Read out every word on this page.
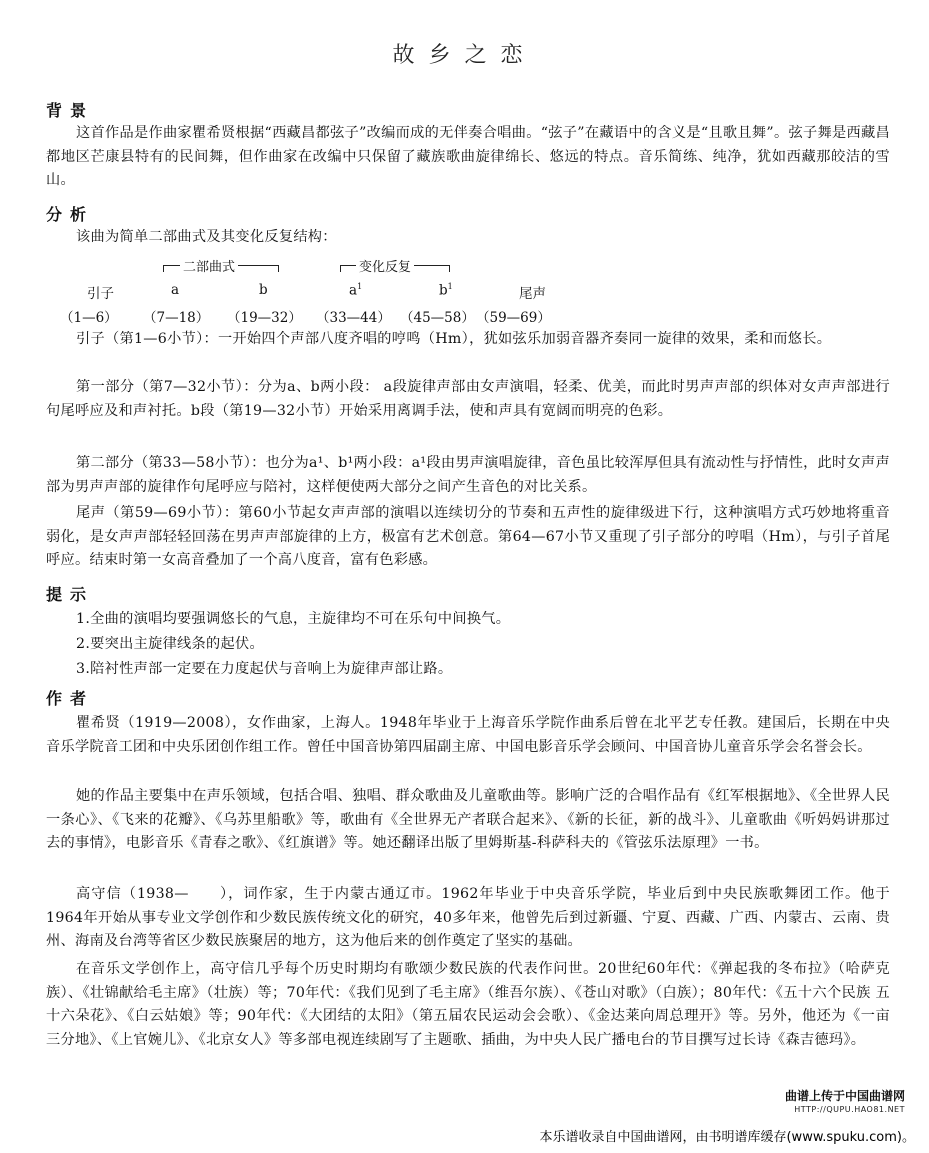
故乡之恋
背景
这首作品是作曲家瞿希贤根据“西藏昌都弦子”改编而成的无伴奏合唱曲。“弦子”在藏语中的含义是“且歌且舞”。弦子舞是西藏昌都地区芒康县特有的民间舞，但作曲家在改编中只保留了藏族歌曲旋律绵长、悠远的特点。音乐简练、纯净，犹如西藏那皎洁的雪山。
分析
该曲为简单二部曲式及其变化反复结构：
二部曲式	变化反复
引子	a	b	$a^1$	$b^1$	尾声
（1—6） （7—18） （19—32） （33—44） （45—58） （59—69）
引子（第1—6小节）：一开始四个声部八度齐唱的哼鸣（Hm），犹如弦乐加弱音器齐奏同一旋律的效果，柔和而悠长。
第一部分（第7—32小节）：分为a、b两小段： a段旋律声部由女声演唱，轻柔、优美，而此时男声声部的织体对女声声部进行句尾呼应及和声衬托。b段（第19—32小节）开始采用离调手法，使和声具有宽阔而明亮的色彩。
第二部分（第33—58小节）：也分为a¹、b¹两小段：a¹段由男声演唱旋律，音色虽比较浑厚但具有流动性与抒情性，此时女声声部为男声声部的旋律作句尾呼应与陪衬，这样便使两大部分之间产生音色的对比关系。
尾声（第59—69小节）：第60小节起女声声部的演唱以连续切分的节奏和五声性的旋律级进下行，这种演唱方式巧妙地将重音弱化，是女声声部轻轻回荡在男声声部旋律的上方，极富有艺术创意。第64—67小节又重现了引子部分的哼唱（Hm），与引子首尾呼应。结束时第一女高音叠加了一个高八度音，富有色彩感。
提示
1.全曲的演唱均要强调悠长的气息，主旋律均不可在乐句中间换气。
2.要突出主旋律线条的起伏。
3.陪衬性声部一定要在力度起伏与音响上为旋律声部让路。
作者
瞿希贤（1919—2008），女作曲家，上海人。1948年毕业于上海音乐学院作曲系后曾在北平艺专任教。建国后，长期在中央音乐学院音工团和中央乐团创作组工作。曾任中国音协第四届副主席、中国电影音乐学会顾问、中国音协儿童音乐学会名誉会长。
她的作品主要集中在声乐领域，包括合唱、独唱、群众歌曲及儿童歌曲等。影响广泛的合唱作品有《红军根据地》、《全世界人民一条心》、《飞来的花瓣》、《乌苏里船歌》等，歌曲有《全世界无产者联合起来》、《新的长征，新的战斗》、儿童歌曲《听妈妈讲那过去的事情》，电影音乐《青春之歌》、《红旗谱》等。她还翻译出版了里姆斯基-科萨科夫的《管弦乐法原理》一书。
高守信（1938—　　），词作家，生于内蒙古通辽市。1962年毕业于中央音乐学院，毕业后到中央民族歌舞团工作。他于1964年开始从事专业文学创作和少数民族传统文化的研究，40多年来，他曾先后到过新疆、宁夏、西藏、广西、内蒙古、云南、贵州、海南及台湾等省区少数民族聚居的地方，这为他后来的创作奠定了坚实的基础。
在音乐文学创作上，高守信几乎每个历史时期均有歌颂少数民族的代表作问世。20世纪60年代：《弹起我的冬布拉》（哈萨克族）、《壮锦献给毛主席》（壮族）等；70年代：《我们见到了毛主席》（维吾尔族）、《苍山对歌》（白族）；80年代：《五十六个民族 五十六朵花》、《白云姑娘》等；90年代：《大团结的太阳》（第五届农民运动会会歌）、《金达莱向周总理开》等。另外，他还为《一亩三分地》、《上官婉儿》、《北京女人》等多部电视连续剧写了主题歌、插曲，为中央人民广播电台的节目撰写过长诗《森吉德玛》。
曲谱上传于中国曲谱网
HTTP://QUPU.HAO81.NET
本乐谱收录自中国曲谱网，由书明谱库缓存(www.spuku.com)。
